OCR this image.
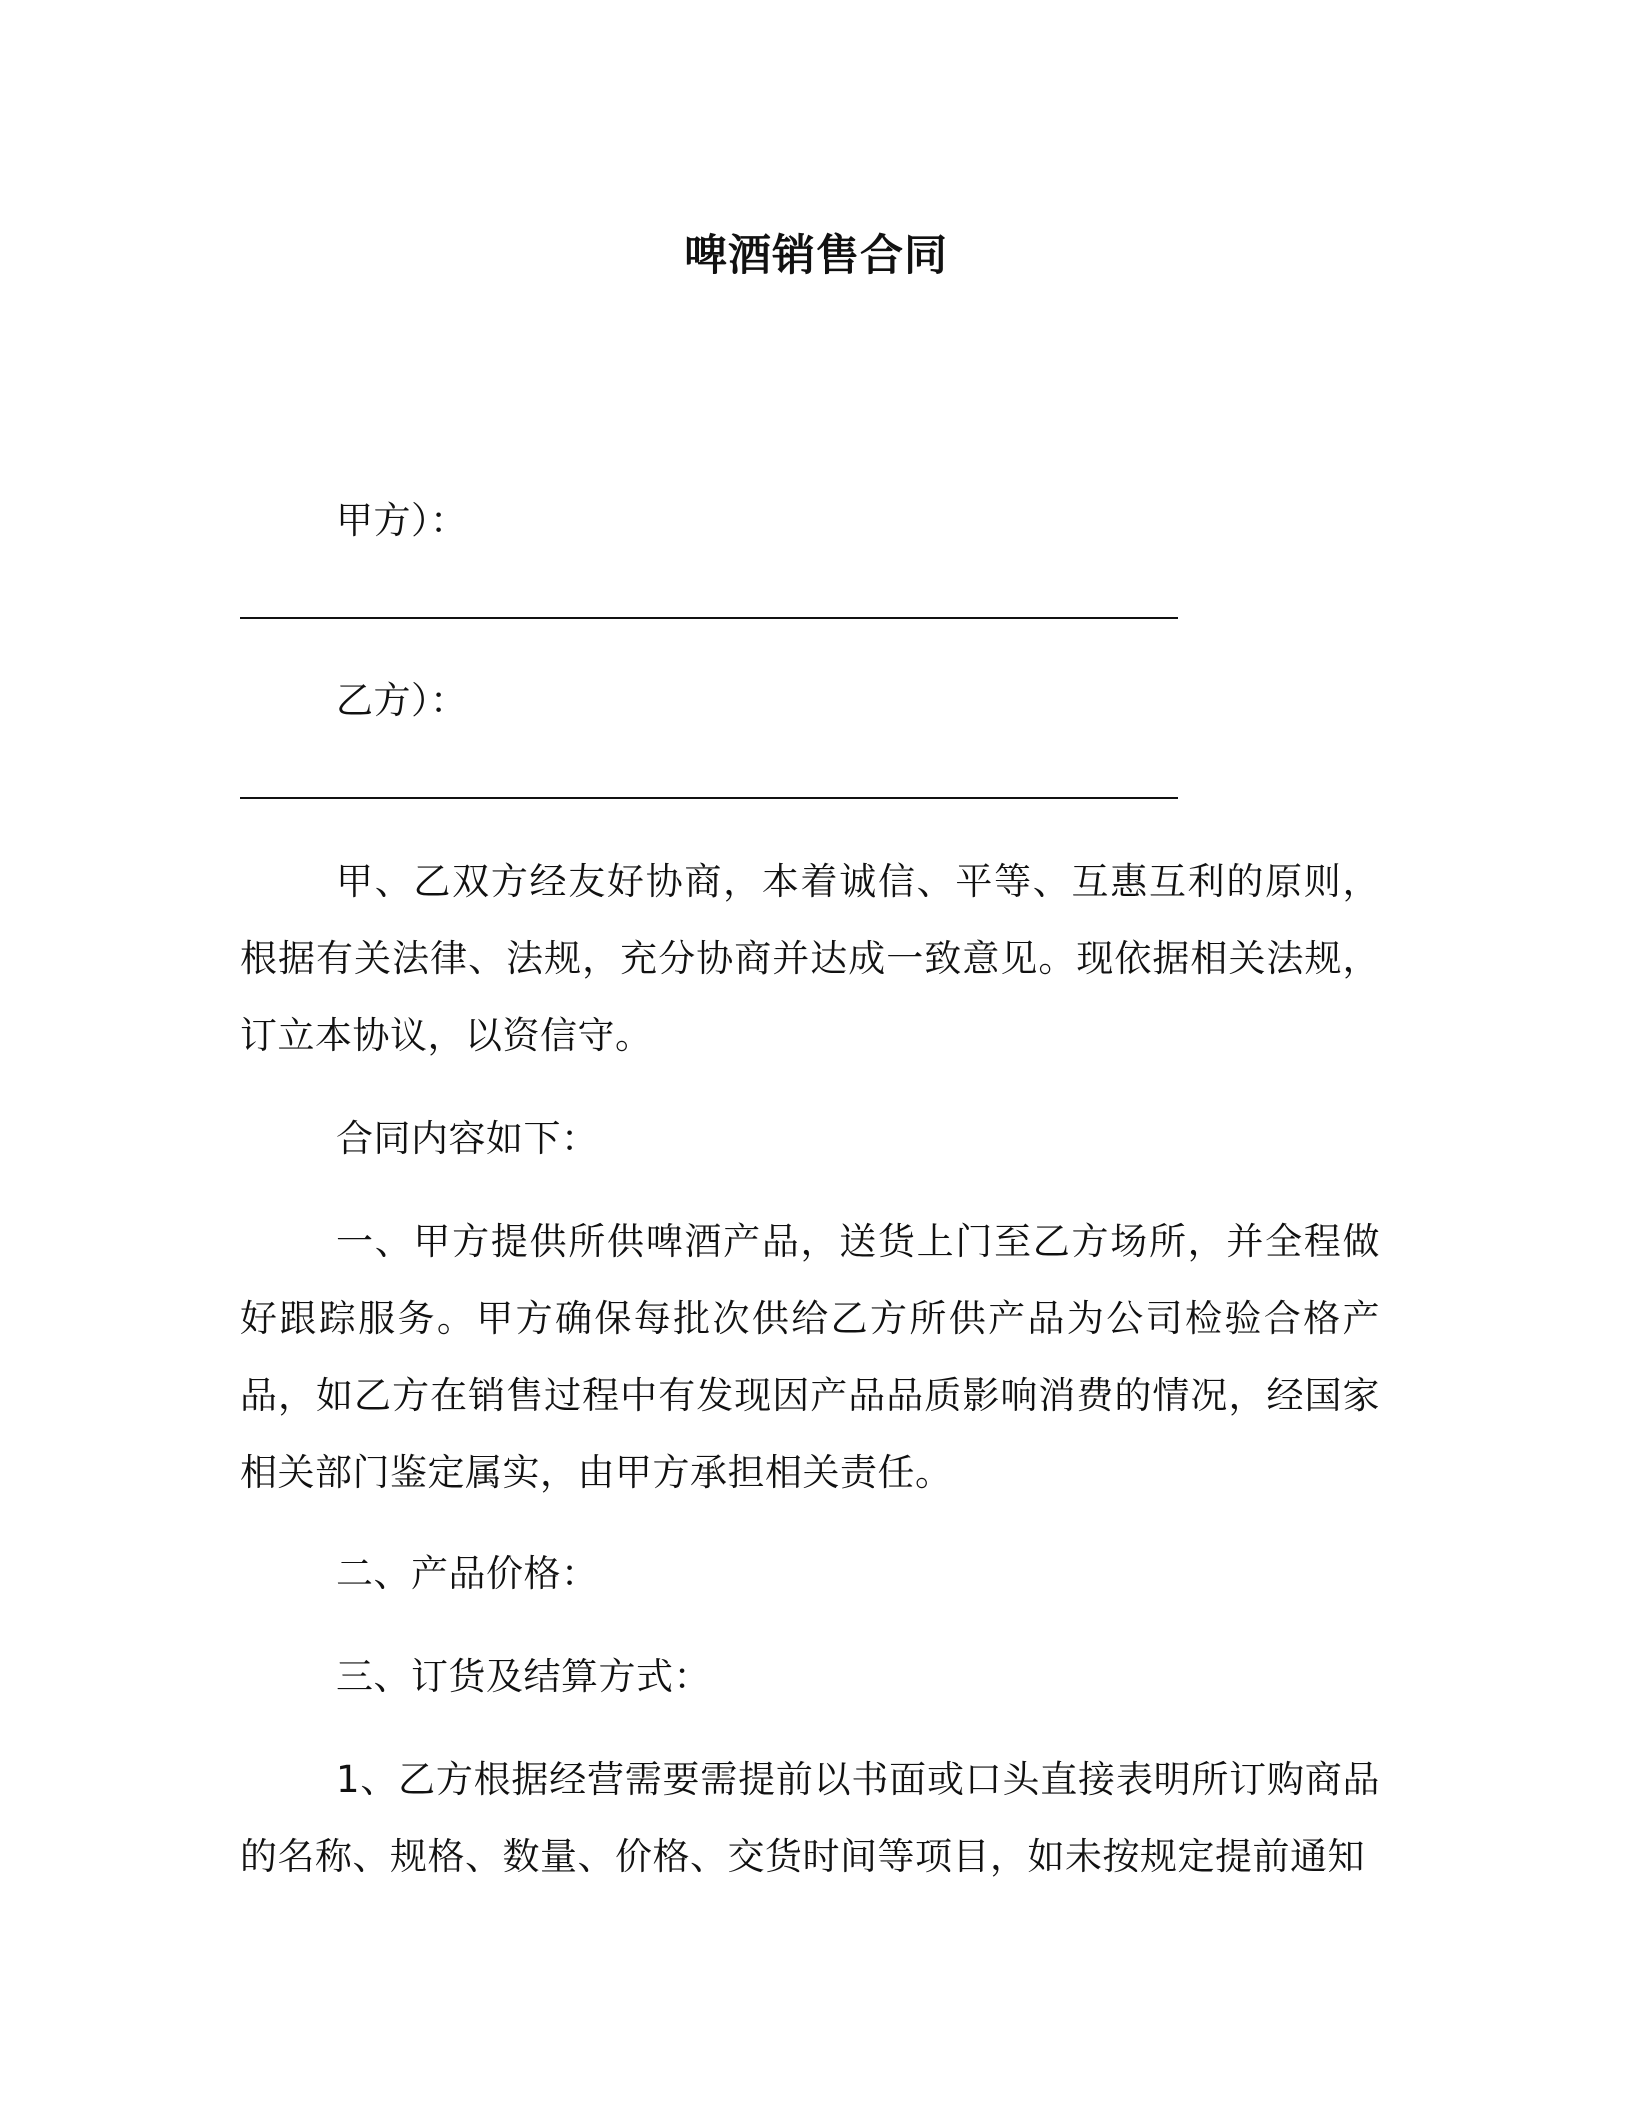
啤酒销售合同

甲方）：

乙方）：

甲、乙双方经友好协商，本着诚信、平等、互惠互利的原则，根据有关法律、法规，充分协商并达成一致意见。现依据相关法规，订立本协议，以资信守。

合同内容如下：

一、甲方提供所供啤酒产品，送货上门至乙方场所，并全程做好跟踪服务。甲方确保每批次供给乙方所供产品为公司检验合格产品，如乙方在销售过程中有发现因产品品质影响消费的情况，经国家相关部门鉴定属实，由甲方承担相关责任。

二、产品价格：

三、订货及结算方式：

1、乙方根据经营需要需提前以书面或口头直接表明所订购商品的名称、规格、数量、价格、交货时间等项目，如未按规定提前通知
